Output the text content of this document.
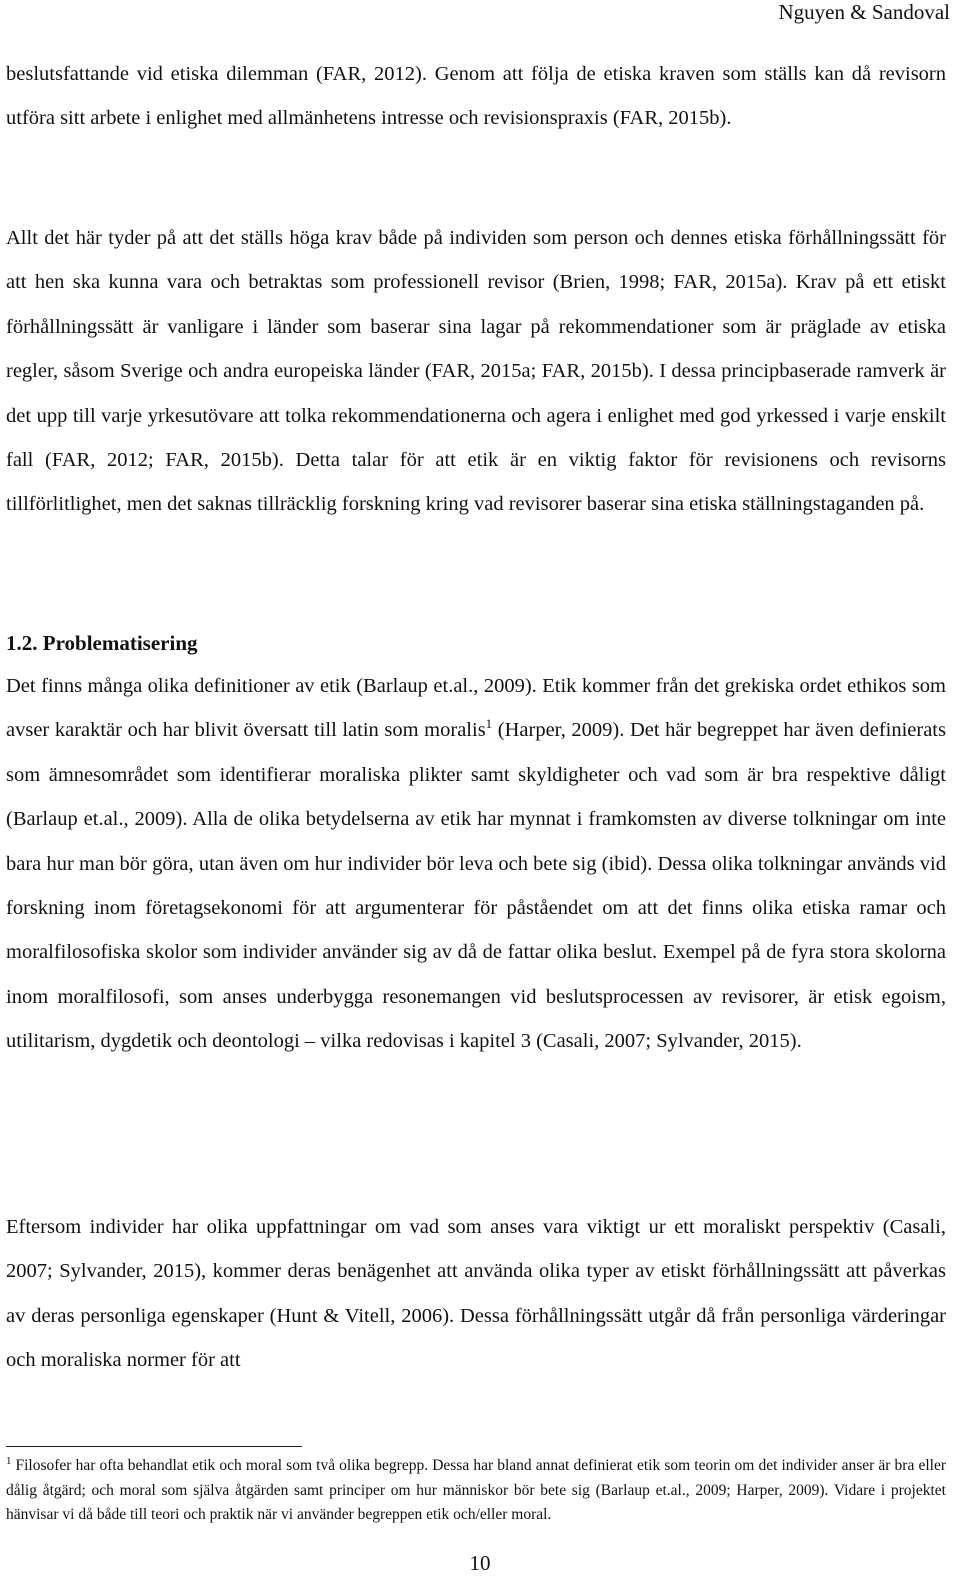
Nguyen & Sandoval

beslutsfattande vid etiska dilemman (FAR, 2012). Genom att följa de etiska kraven som ställs kan då revisorn utföra sitt arbete i enlighet med allmänhetens intresse och revisionspraxis (FAR, 2015b).

Allt det här tyder på att det ställs höga krav både på individen som person och dennes etiska förhållningssätt för att hen ska kunna vara och betraktas som professionell revisor (Brien, 1998; FAR, 2015a). Krav på ett etiskt förhållningssätt är vanligare i länder som baserar sina lagar på rekommendationer som är präglade av etiska regler, såsom Sverige och andra europeiska länder (FAR, 2015a; FAR, 2015b). I dessa principbaserade ramverk är det upp till varje yrkesutövare att tolka rekommendationerna och agera i enlighet med god yrkessed i varje enskilt fall (FAR, 2012; FAR, 2015b). Detta talar för att etik är en viktig faktor för revisionens och revisorns tillförlitlighet, men det saknas tillräcklig forskning kring vad revisorer baserar sina etiska ställningstaganden på.

1.2. Problematisering

Det finns många olika definitioner av etik (Barlaup et.al., 2009). Etik kommer från det grekiska ordet ethikos som avser karaktär och har blivit översatt till latin som moralis$^1$ (Harper, 2009). Det här begreppet har även definierats som ämnesområdet som identifierar moraliska plikter samt skyldigheter och vad som är bra respektive dåligt (Barlaup et.al., 2009). Alla de olika betydelserna av etik har mynnat i framkomsten av diverse tolkningar om inte bara hur man bör göra, utan även om hur individer bör leva och bete sig (ibid). Dessa olika tolkningar används vid forskning inom företagsekonomi för att argumenterar för påståendet om att det finns olika etiska ramar och moralfilosofiska skolor som individer använder sig av då de fattar olika beslut. Exempel på de fyra stora skolorna inom moralfilosofi, som anses underbygga resonemangen vid beslutsprocessen av revisorer, är etisk egoism, utilitarism, dygdetik och deontologi – vilka redovisas i kapitel 3 (Casali, 2007; Sylvander, 2015).

Eftersom individer har olika uppfattningar om vad som anses vara viktigt ur ett moraliskt perspektiv (Casali, 2007; Sylvander, 2015), kommer deras benägenhet att använda olika typer av etiskt förhållningssätt att påverkas av deras personliga egenskaper (Hunt & Vitell, 2006). Dessa förhållningssätt utgår då från personliga värderingar och moraliska normer för att

$^1$ Filosofer har ofta behandlat etik och moral som två olika begrepp. Dessa har bland annat definierat etik som teorin om det individer anser är bra eller dålig åtgärd; och moral som själva åtgärden samt principer om hur människor bör bete sig (Barlaup et.al., 2009; Harper, 2009). Vidare i projektet hänvisar vi då både till teori och praktik när vi använder begreppen etik och/eller moral.

10
